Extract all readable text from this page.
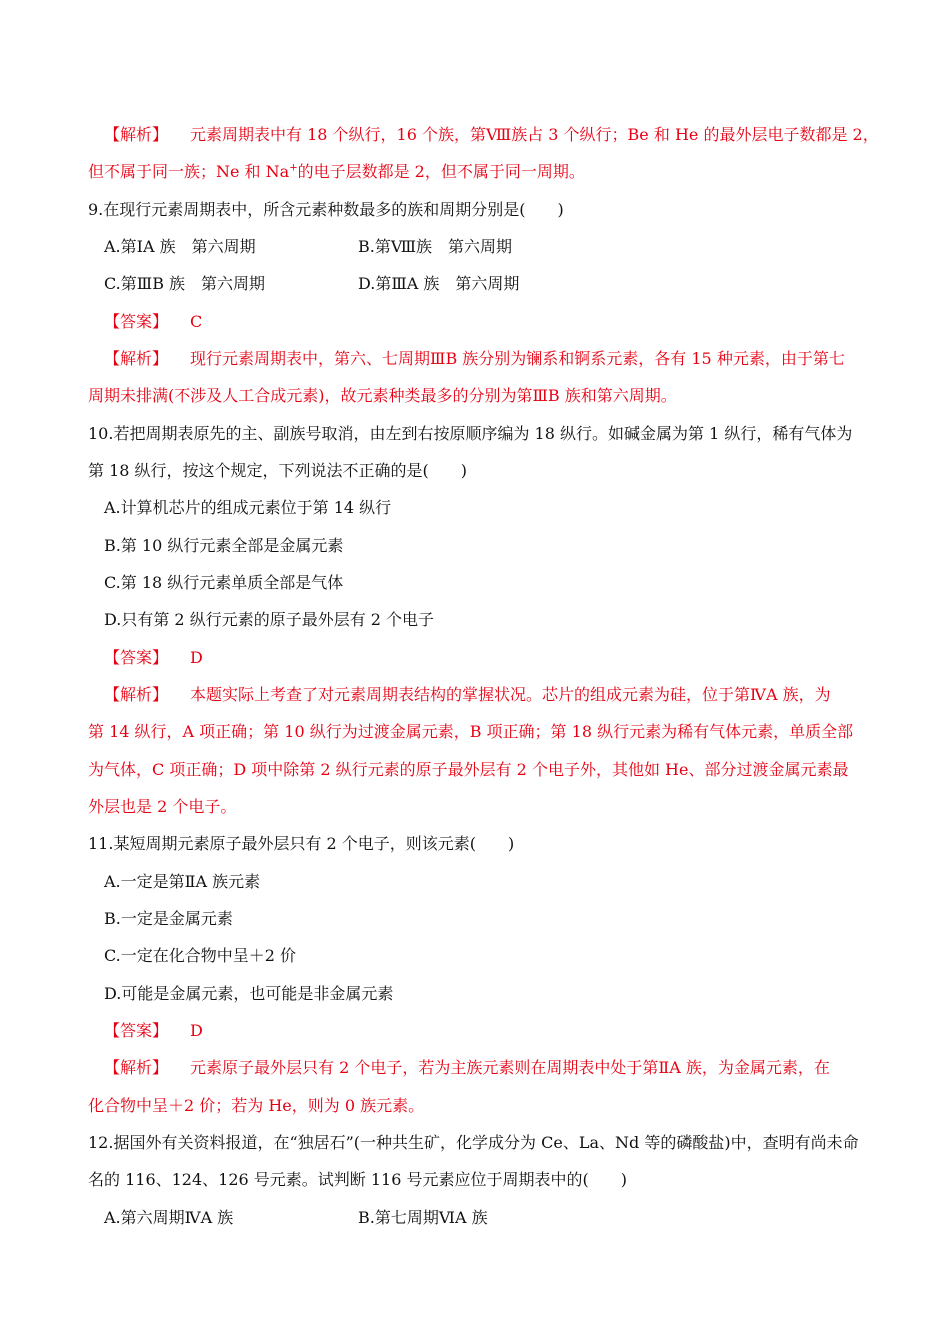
【解析】 元素周期表中有 18 个纵行，16 个族，第Ⅷ族占 3 个纵行；Be 和 He 的最外层电子数都是 2，
但不属于同一族；Ne 和 Na+的电子层数都是 2，但不属于同一周期。
9.在现行元素周期表中，所含元素种数最多的族和周期分别是(　　)
A.第ⅠA 族　第六周期	B.第Ⅷ族　第六周期
C.第ⅢB 族　第六周期	D.第ⅢA 族　第六周期
【答案】 C
【解析】 现行元素周期表中，第六、七周期ⅢB 族分别为镧系和锕系元素，各有 15 种元素，由于第七
周期未排满(不涉及人工合成元素)，故元素种类最多的分别为第ⅢB 族和第六周期。
10.若把周期表原先的主、副族号取消，由左到右按原顺序编为 18 纵行。如碱金属为第 1 纵行，稀有气体为
第 18 纵行，按这个规定，下列说法不正确的是(　　)
A.计算机芯片的组成元素位于第 14 纵行
B.第 10 纵行元素全部是金属元素
C.第 18 纵行元素单质全部是气体
D.只有第 2 纵行元素的原子最外层有 2 个电子
【答案】 D
【解析】 本题实际上考查了对元素周期表结构的掌握状况。芯片的组成元素为硅，位于第ⅣA 族，为
第 14 纵行，A 项正确；第 10 纵行为过渡金属元素，B 项正确；第 18 纵行元素为稀有气体元素，单质全部
为气体，C 项正确；D 项中除第 2 纵行元素的原子最外层有 2 个电子外，其他如 He、部分过渡金属元素最
外层也是 2 个电子。
11.某短周期元素原子最外层只有 2 个电子，则该元素(　　)
A.一定是第ⅡA 族元素
B.一定是金属元素
C.一定在化合物中呈＋2 价
D.可能是金属元素，也可能是非金属元素
【答案】 D
【解析】 元素原子最外层只有 2 个电子，若为主族元素则在周期表中处于第ⅡA 族，为金属元素，在
化合物中呈＋2 价；若为 He，则为 0 族元素。
12.据国外有关资料报道，在“独居石”(一种共生矿，化学成分为 Ce、La、Nd 等的磷酸盐)中，查明有尚未命
名的 116、124、126 号元素。试判断 116 号元素应位于周期表中的(　　)
A.第六周期ⅣA 族	B.第七周期ⅥA 族
